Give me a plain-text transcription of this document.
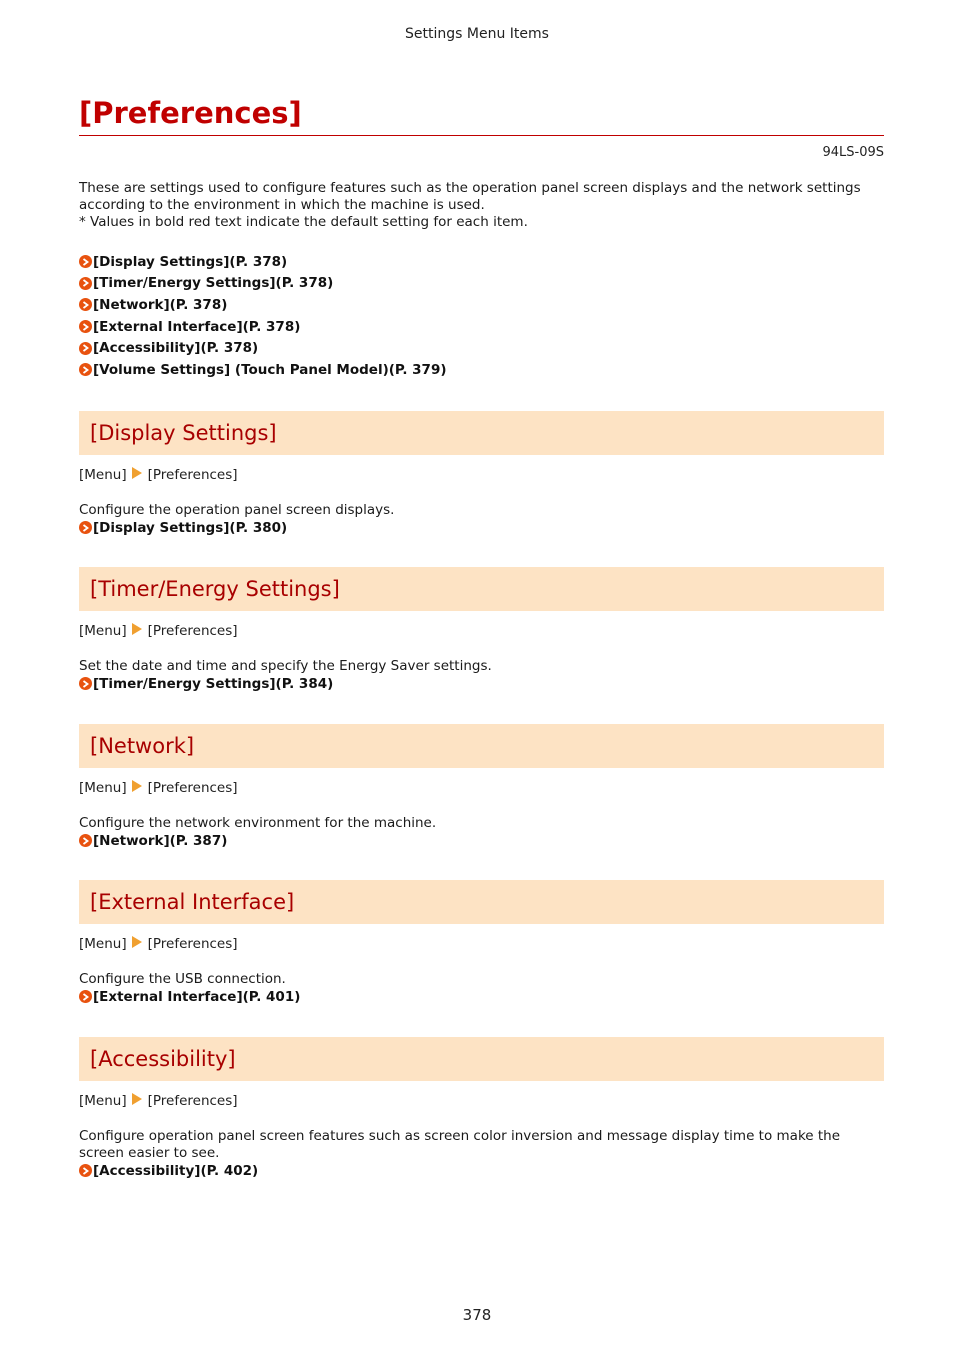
Settings Menu Items
[Preferences]
94LS-09S

These are settings used to configure features such as the operation panel screen displays and the network settings according to the environment in which the machine is used.

* Values in bold red text indicate the default setting for each item.

[Display Settings](P. 378)
[Timer/Energy Settings](P. 378)
[Network](P. 378)
[External Interface](P. 378)
[Accessibility](P. 378)
[Volume Settings] (Touch Panel Model)(P. 379)
[Display Settings]
[Menu] [Preferences]
Configure the operation panel screen displays.
[Display Settings](P. 380)
[Timer/Energy Settings]
[Menu] [Preferences]
Set the date and time and specify the Energy Saver settings.
[Timer/Energy Settings](P. 384)
[Network]
[Menu] [Preferences]
Configure the network environment for the machine.
[Network](P. 387)
[External Interface]
[Menu] [Preferences]
Configure the USB connection.
[External Interface](P. 401)
[Accessibility]
[Menu] [Preferences]
Configure operation panel screen features such as screen color inversion and message display time to make the screen easier to see.
[Accessibility](P. 402)
378
